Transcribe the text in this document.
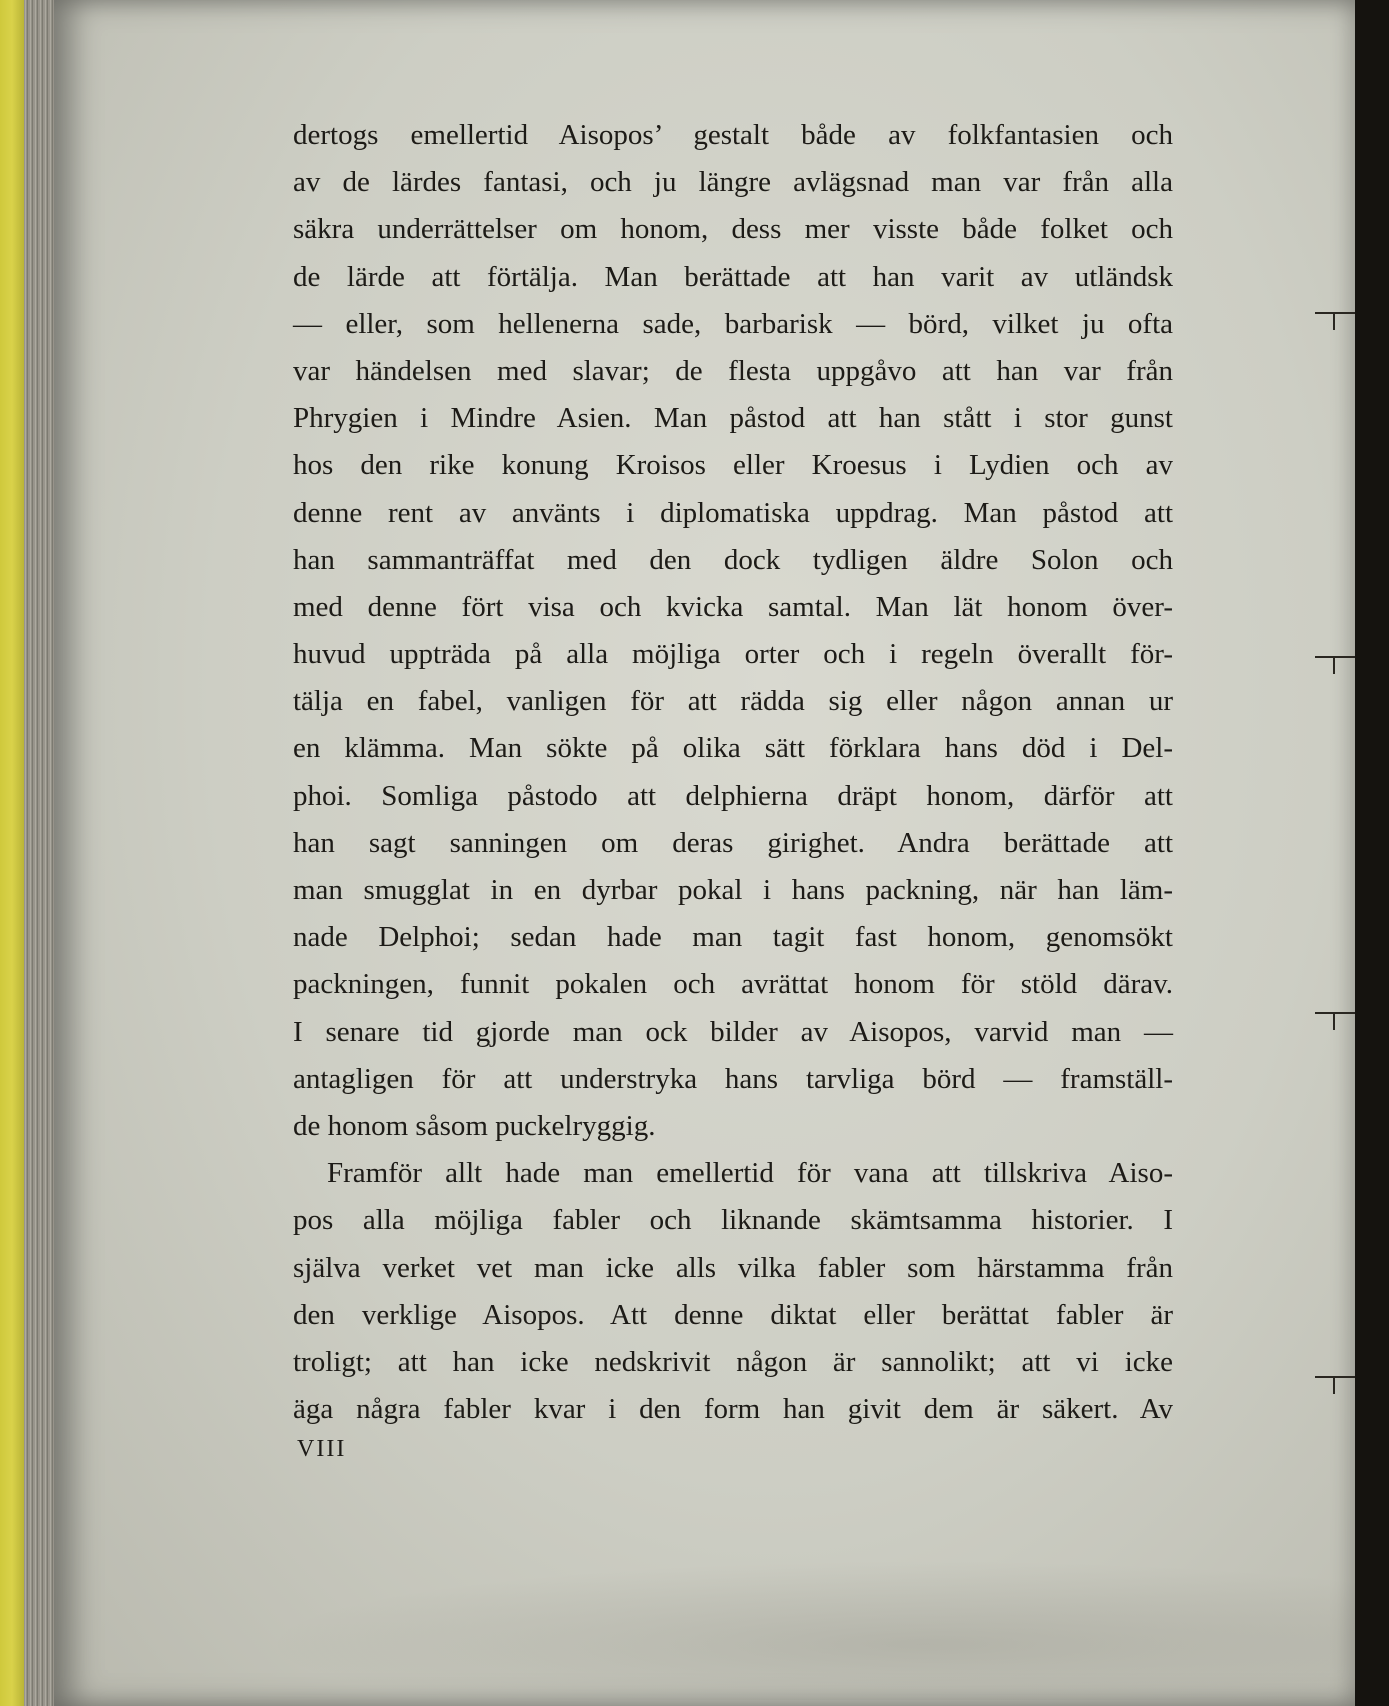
dertogs emellertid Aisopos’ gestalt både av folkfantasien och
av de lärdes fantasi, och ju längre avlägsnad man var från alla
säkra underrättelser om honom, dess mer visste både folket och
de lärde att förtälja. Man berättade att han varit av utländsk
— eller, som hellenerna sade, barbarisk — börd, vilket ju ofta
var händelsen med slavar; de flesta uppgåvo att han var från
Phrygien i Mindre Asien. Man påstod att han stått i stor gunst
hos den rike konung Kroisos eller Kroesus i Lydien och av
denne rent av använts i diplomatiska uppdrag. Man påstod att
han sammanträffat med den dock tydligen äldre Solon och
med denne fört visa och kvicka samtal. Man lät honom över-
huvud uppträda på alla möjliga orter och i regeln överallt för-
tälja en fabel, vanligen för att rädda sig eller någon annan ur
en klämma. Man sökte på olika sätt förklara hans död i Del-
phoi. Somliga påstodo att delphierna dräpt honom, därför att
han sagt sanningen om deras girighet. Andra berättade att
man smugglat in en dyrbar pokal i hans packning, när han läm-
nade Delphoi; sedan hade man tagit fast honom, genomsökt
packningen, funnit pokalen och avrättat honom för stöld därav.
I senare tid gjorde man ock bilder av Aisopos, varvid man —
antagligen för att understryka hans tarvliga börd — framställ-
de honom såsom puckelryggig.
Framför allt hade man emellertid för vana att tillskriva Aiso-
pos alla möjliga fabler och liknande skämtsamma historier. I
själva verket vet man icke alls vilka fabler som härstamma från
den verklige Aisopos. Att denne diktat eller berättat fabler är
troligt; att han icke nedskrivit någon är sannolikt; att vi icke
äga några fabler kvar i den form han givit dem är säkert. Av
VIII
